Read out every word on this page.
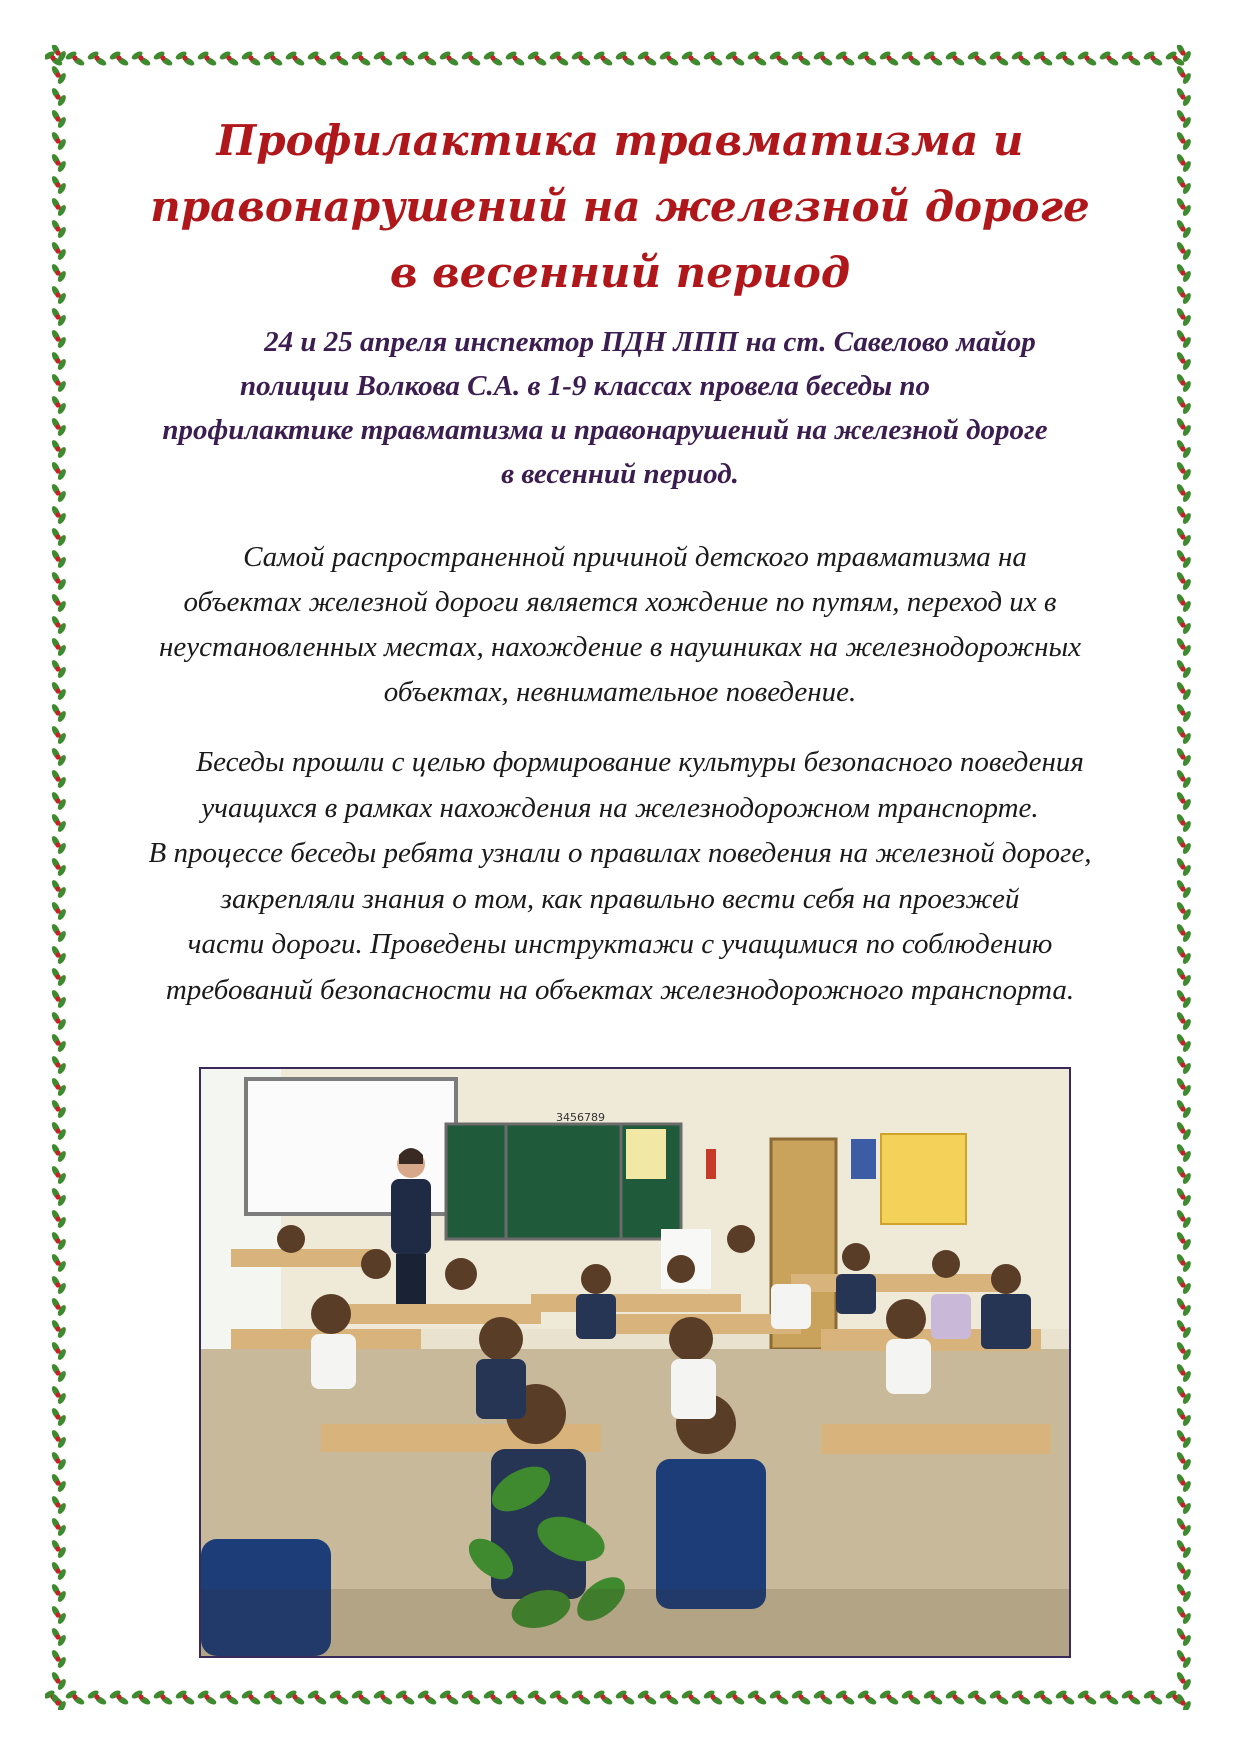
Профилактика травматизма и
правонарушений на железной дороге
в весенний период

24 и 25 апреля инспектор ПДН ЛПП на ст. Савелово майор
полиции Волкова С.А. в 1-9 классах провела беседы по
профилактике травматизма и правонарушений на железной дороге
в весенний период.

Самой распространенной причиной детского травматизма на
объектах железной дороги является хождение по путям, переход их в
неустановленных местах, нахождение в наушниках на железнодорожных
объектах, невнимательное поведение.

Беседы прошли с целью формирование культуры безопасного поведения
учащихся в рамках нахождения на железнодорожном транспорте.
В процессе беседы ребята узнали о правилах поведения на железной дороге,
закрепляли знания о том, как правильно вести себя на проезжей
части дороги. Проведены инструктажи с учащимися по соблюдению
требований безопасности на объектах железнодорожного транспорта.

3456789
